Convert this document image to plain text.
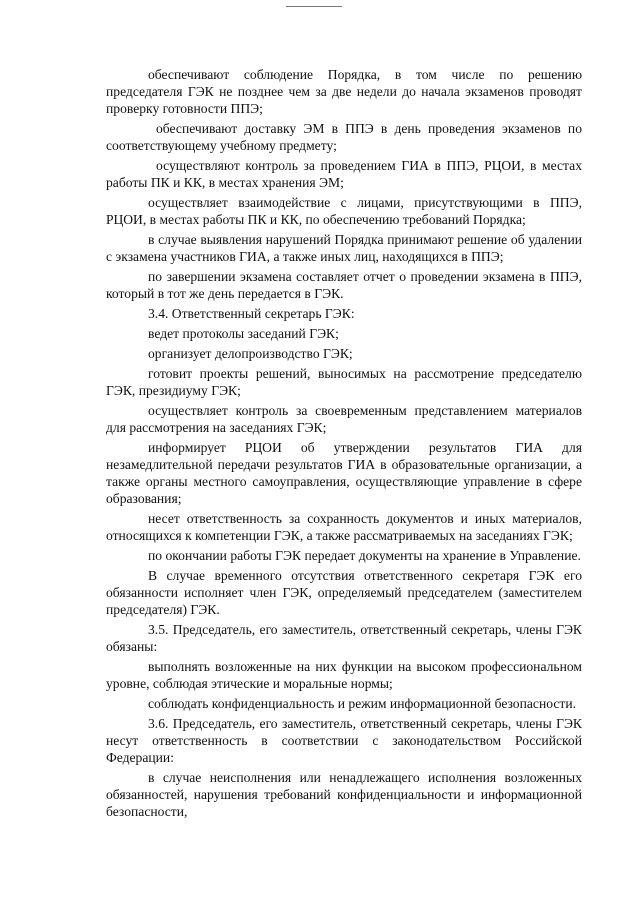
обеспечивают соблюдение Порядка, в том числе по решению председателя ГЭК не позднее чем за две недели до начала экзаменов проводят проверку готовности ППЭ;

обеспечивают доставку ЭМ в ППЭ в день проведения экзаменов по соответствующему учебному предмету;

осуществляют контроль за проведением ГИА в ППЭ, РЦОИ, в местах работы ПК и КК, в местах хранения ЭМ;

осуществляет взаимодействие с лицами, присутствующими в ППЭ, РЦОИ, в местах работы ПК и КК, по обеспечению требований Порядка;

в случае выявления нарушений Порядка принимают решение об удалении с экзамена участников ГИА, а также иных лиц, находящихся в ППЭ;

по завершении экзамена составляет отчет о проведении экзамена в ППЭ, который в тот же день передается в ГЭК.

3.4. Ответственный секретарь ГЭК:

ведет протоколы заседаний ГЭК;

организует делопроизводство ГЭК;

готовит проекты решений, выносимых на рассмотрение председателю ГЭК, президиуму ГЭК;

осуществляет контроль за своевременным представлением материалов для рассмотрения на заседаниях ГЭК;

информирует РЦОИ об утверждении результатов ГИА для незамедлительной передачи результатов ГИА в образовательные организации, а также органы местного самоуправления, осуществляющие управление в сфере образования;

несет ответственность за сохранность документов и иных материалов, относящихся к компетенции ГЭК, а также рассматриваемых на заседаниях ГЭК;

по окончании работы ГЭК передает документы на хранение в Управление.

В случае временного отсутствия ответственного секретаря ГЭК его обязанности исполняет член ГЭК, определяемый председателем (заместителем председателя) ГЭК.

3.5. Председатель, его заместитель, ответственный секретарь, члены ГЭК обязаны:

выполнять возложенные на них функции на высоком профессиональном уровне, соблюдая этические и моральные нормы;

соблюдать конфиденциальность и режим информационной безопасности.

3.6. Председатель, его заместитель, ответственный секретарь, члены ГЭК несут ответственность в соответствии с законодательством Российской Федерации:

в случае неисполнения или ненадлежащего исполнения возложенных обязанностей, нарушения требований конфиденциальности и информационной безопасности,
